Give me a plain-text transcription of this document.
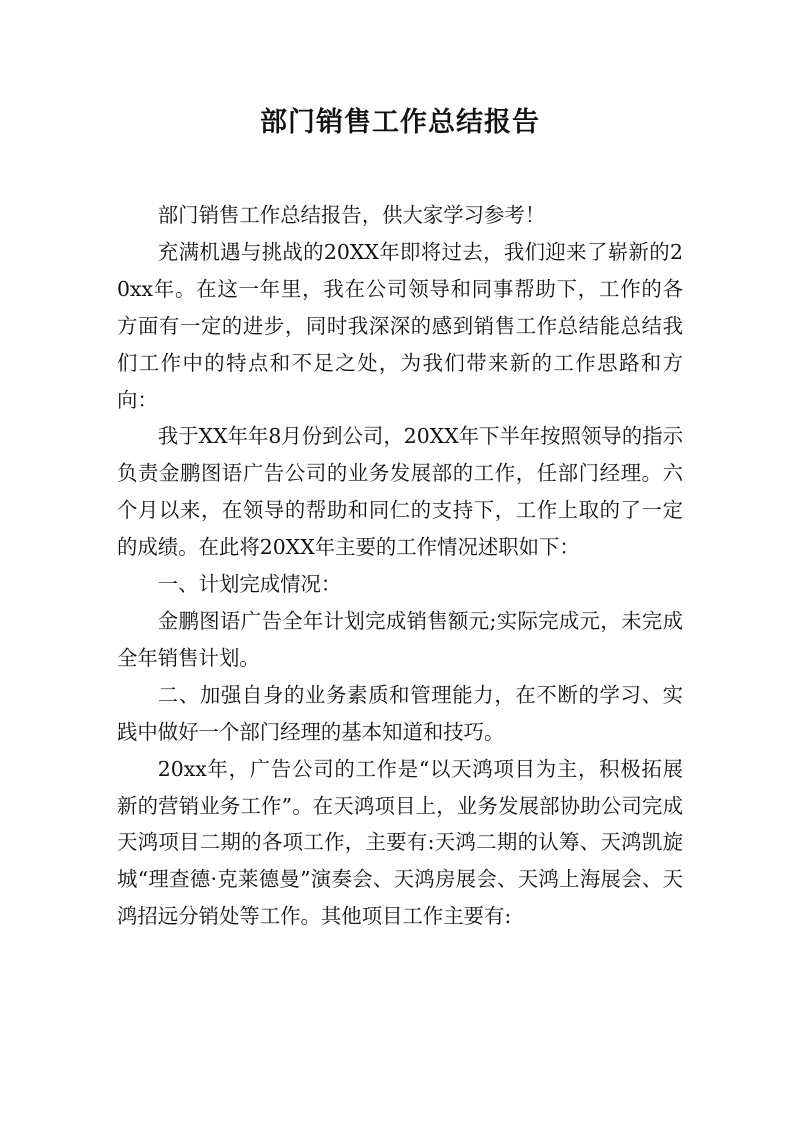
部门销售工作总结报告

部门销售工作总结报告，供大家学习参考！

充满机遇与挑战的20XX年即将过去，我们迎来了崭新的20xx年。在这一年里，我在公司领导和同事帮助下，工作的各方面有一定的进步，同时我深深的感到销售工作总结能总结我们工作中的特点和不足之处，为我们带来新的工作思路和方向：

我于XX年年8月份到公司，20XX年下半年按照领导的指示负责金鹏图语广告公司的业务发展部的工作，任部门经理。六个月以来，在领导的帮助和同仁的支持下，工作上取的了一定的成绩。在此将20XX年主要的工作情况述职如下：

一、计划完成情况：

金鹏图语广告全年计划完成销售额元;实际完成元，未完成全年销售计划。

二、加强自身的业务素质和管理能力，在不断的学习、实践中做好一个部门经理的基本知道和技巧。

20xx年，广告公司的工作是“以天鸿项目为主，积极拓展新的营销业务工作”。在天鸿项目上，业务发展部协助公司完成天鸿项目二期的各项工作，主要有:天鸿二期的认筹、天鸿凯旋城“理查德·克莱德曼”演奏会、天鸿房展会、天鸿上海展会、天鸿招远分销处等工作。其他项目工作主要有:
